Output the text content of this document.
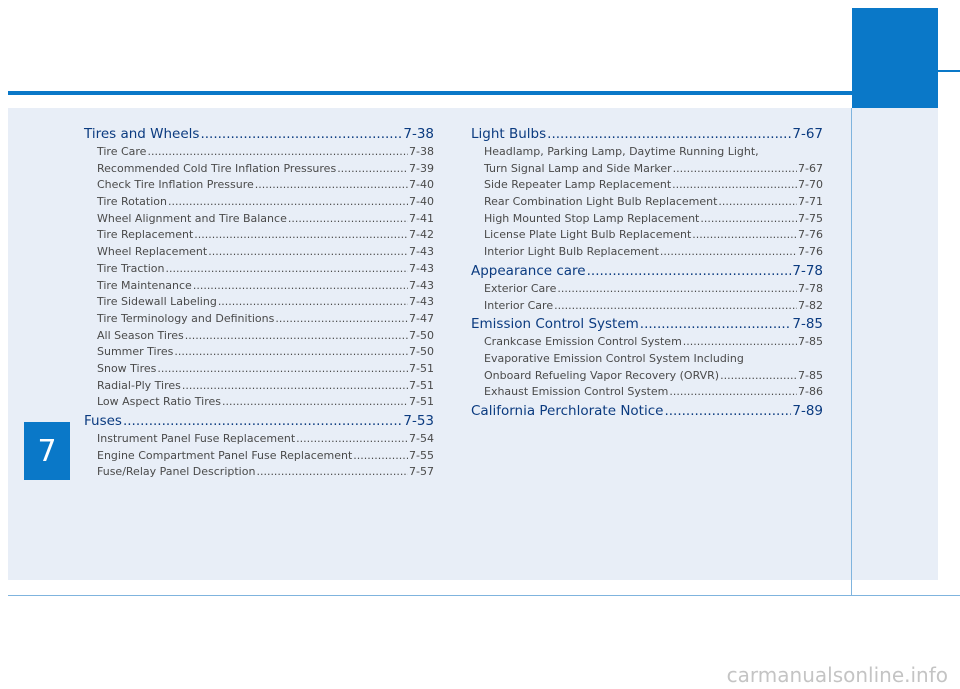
7
Tires and Wheels .....	7-38
Tire Care .....	7-38
Recommended Cold Tire Inflation Pressures .....	7-39
Check Tire Inflation Pressure .....	7-40
Tire Rotation .....	7-40
Wheel Alignment and Tire Balance .....	7-41
Tire Replacement .....	7-42
Wheel Replacement .....	7-43
Tire Traction .....	7-43
Tire Maintenance .....	7-43
Tire Sidewall Labeling .....	7-43
Tire Terminology and Definitions .....	7-47
All Season Tires .....	7-50
Summer Tires .....	7-50
Snow Tires .....	7-51
Radial-Ply Tires .....	7-51
Low Aspect Ratio Tires .....	7-51
Fuses .....	7-53
Instrument Panel Fuse Replacement .....	7-54
Engine Compartment Panel Fuse Replacement .....	7-55
Fuse/Relay Panel Description .....	7-57
Light Bulbs .....	7-67
Headlamp, Parking Lamp, Daytime Running Light,
Turn Signal Lamp and Side Marker .....	7-67
Side Repeater Lamp Replacement .....	7-70
Rear Combination Light Bulb Replacement .....	7-71
High Mounted Stop Lamp Replacement .....	7-75
License Plate Light Bulb Replacement .....	7-76
Interior Light Bulb Replacement .....	7-76
Appearance care .....	7-78
Exterior Care .....	7-78
Interior Care .....	7-82
Emission Control System .....	7-85
Crankcase Emission Control System .....	7-85
Evaporative Emission Control System Including
Onboard Refueling Vapor Recovery (ORVR) .....	7-85
Exhaust Emission Control System .....	7-86
California Perchlorate Notice .....	7-89
carmanualsonline.info
